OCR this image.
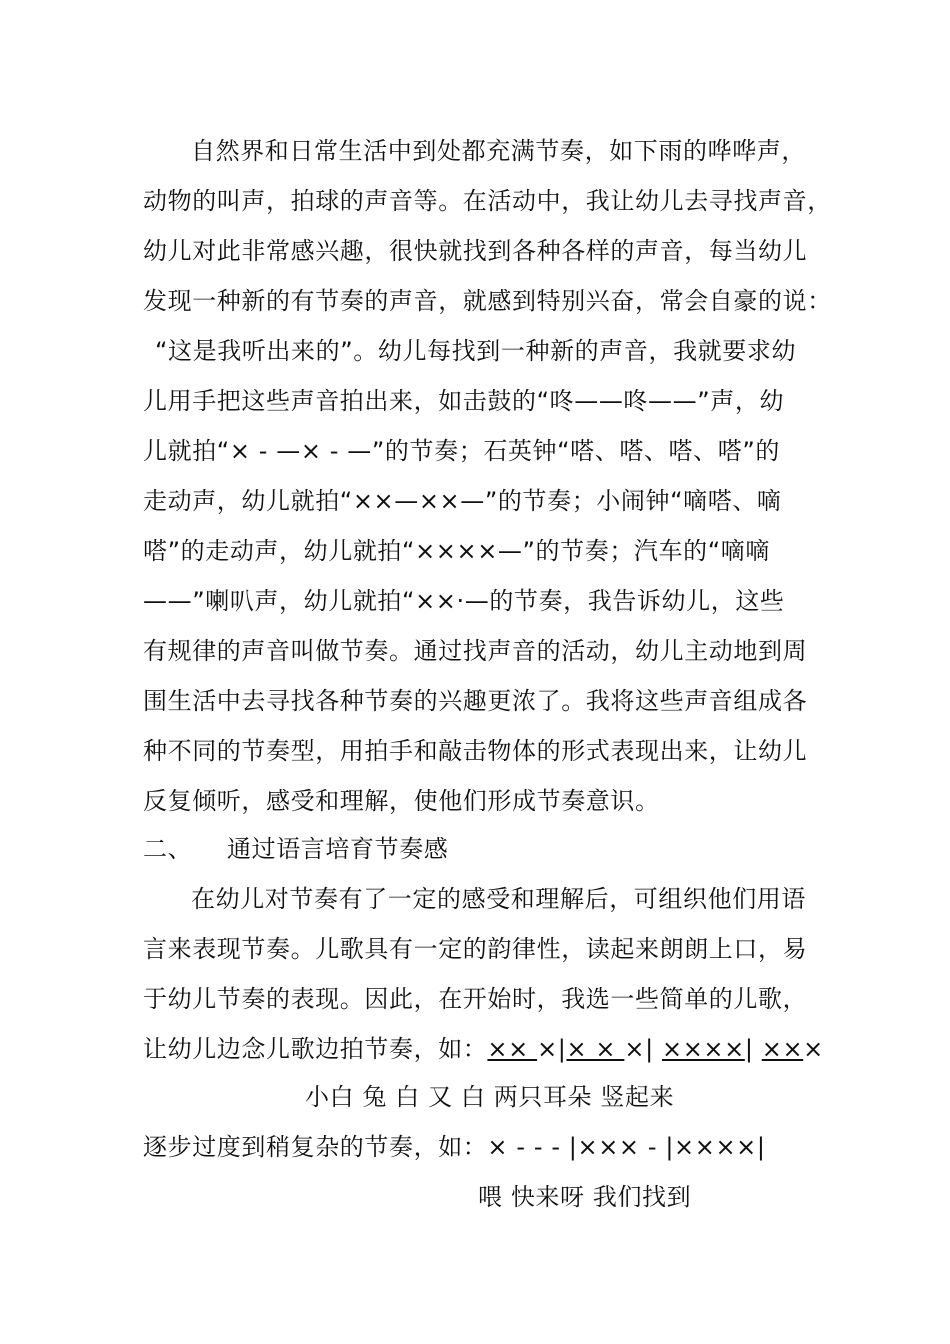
自然界和日常生活中到处都充满节奏，如下雨的哗哗声，
动物的叫声，拍球的声音等。在活动中，我让幼儿去寻找声音，
幼儿对此非常感兴趣，很快就找到各种各样的声音，每当幼儿
发现一种新的有节奏的声音，就感到特别兴奋，常会自豪的说：
“这是我听出来的”。幼儿每找到一种新的声音，我就要求幼
儿用手把这些声音拍出来，如击鼓的“咚——咚——”声，幼
儿就拍“× - —× - —”的节奏；石英钟“嗒、嗒、嗒、嗒”的
走动声，幼儿就拍“××—××—”的节奏；小闹钟“嘀嗒、嘀
嗒”的走动声，幼儿就拍“××××—”的节奏；汽车的“嘀嘀
——”喇叭声，幼儿就拍“××·—的节奏，我告诉幼儿，这些
有规律的声音叫做节奏。通过找声音的活动，幼儿主动地到周
围生活中去寻找各种节奏的兴趣更浓了。我将这些声音组成各
种不同的节奏型，用拍手和敲击物体的形式表现出来，让幼儿
反复倾听，感受和理解，使他们形成节奏意识。
二、 通过语言培育节奏感
在幼儿对节奏有了一定的感受和理解后，可组织他们用语
言来表现节奏。儿歌具有一定的韵律性，读起来朗朗上口，易
于幼儿节奏的表现。因此，在开始时，我选一些简单的儿歌，
让幼儿边念儿歌边拍节奏，如：×× ×|× × ×| ××××| ×××
小白 兔 白 又 白 两只耳朵 竖起来
逐步过度到稍复杂的节奏，如：× - - - |××× - |××××|
喂 快来呀 我们找到
